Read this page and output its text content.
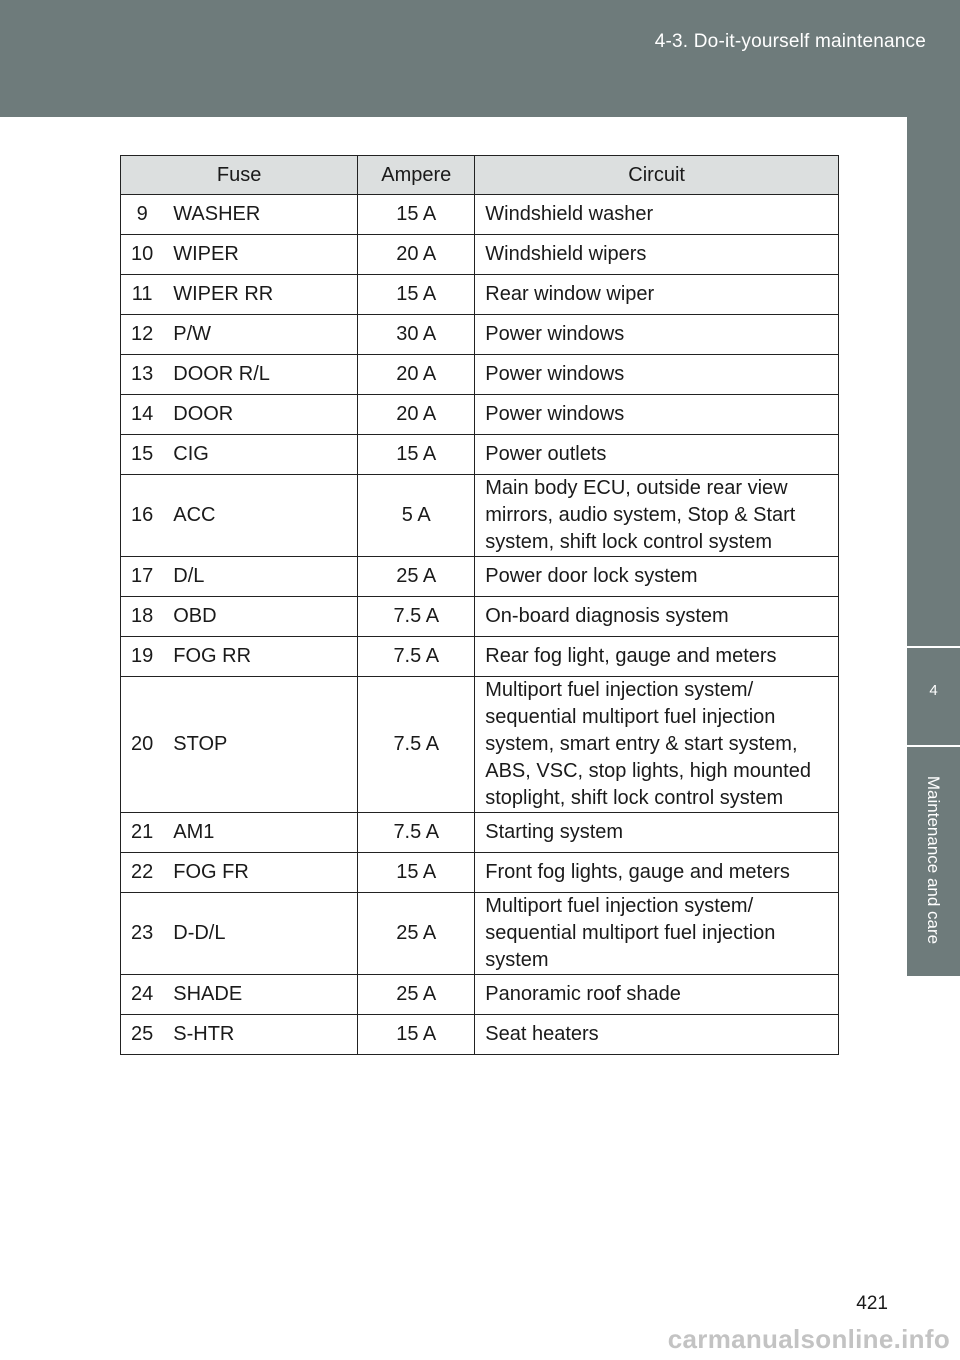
4-3. Do-it-yourself maintenance
4
Maintenance and care
Fuse		Ampere	Circuit
9	WASHER	15 A	Windshield washer
10	WIPER	20 A	Windshield wipers
11	WIPER RR	15 A	Rear window wiper
12	P/W	30 A	Power windows
13	DOOR R/L	20 A	Power windows
14	DOOR	20 A	Power windows
15	CIG	15 A	Power outlets
16	ACC	5 A	Main body ECU, outside rear view mirrors, audio system, Stop & Start system, shift lock control system
17	D/L	25 A	Power door lock system
18	OBD	7.5 A	On-board diagnosis system
19	FOG RR	7.5 A	Rear fog light, gauge and meters
20	STOP	7.5 A	Multiport fuel injection system/ sequential multiport fuel injection system, smart entry & start system, ABS, VSC, stop lights, high mounted stoplight, shift lock control system
21	AM1	7.5 A	Starting system
22	FOG FR	15 A	Front fog lights, gauge and meters
23	D-D/L	25 A	Multiport fuel injection system/ sequential multiport fuel injection system
24	SHADE	25 A	Panoramic roof shade
25	S-HTR	15 A	Seat heaters
421
carmanualsonline.info
